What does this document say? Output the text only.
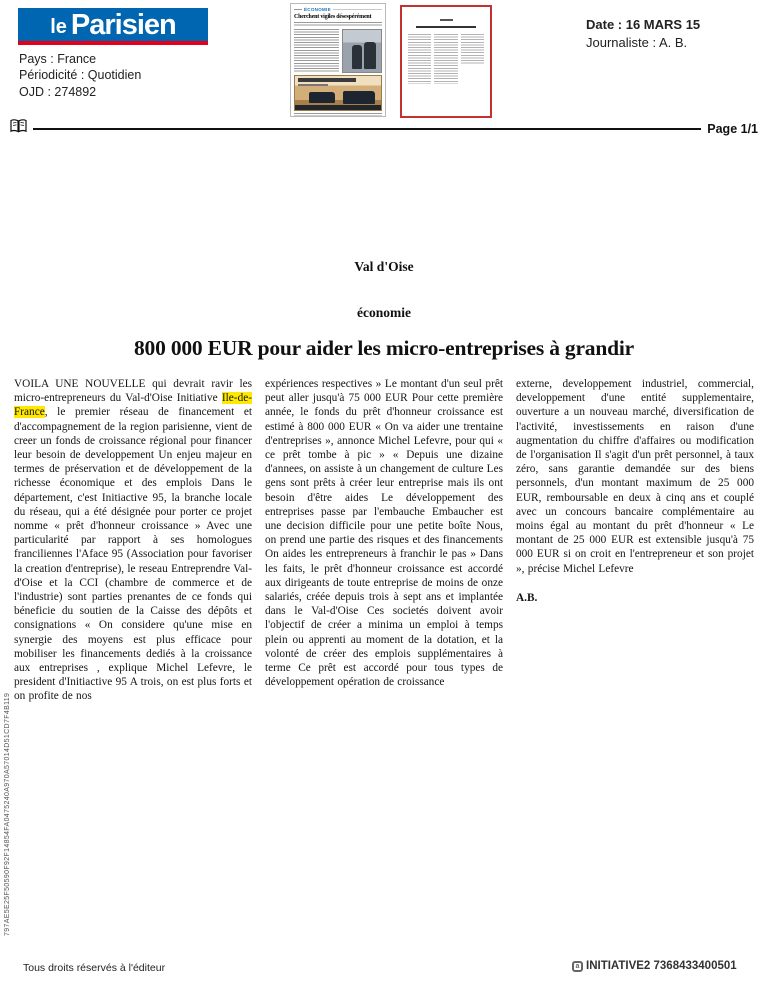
le Parisien
Pays : France
Périodicité : Quotidien
OJD : 274892
ÉCONOMIE
Cherchent vigiles désespérément	Date : 16 MARS 15
Journaliste : A. B.
Page 1/1
Val d'Oise
économie
800 000 EUR pour aider les micro-entreprises à grandir
VOILA UNE NOUVELLE qui devrait ravir les micro-entrepreneurs du Val-d'Oise Initiative Ile-de-France, le premier réseau de financement et d'accompagnement de la region parisienne, vient de creer un fonds de croissance régional pour financer leur besoin de developpement Un enjeu majeur en termes de préservation et de développement de la richesse économique et des emplois Dans le département, c'est Initiactive 95, la branche locale du réseau, qui a été désignée pour porter ce projet nomme « prêt d'honneur croissance » Avec une particularité par rapport à ses homologues franciliennes l'Aface 95 (Association pour favoriser la creation d'entreprise), le reseau Entreprendre Val-d'Oise et la CCI (chambre de commerce et de l'industrie) sont parties prenantes de ce fonds qui béneficie du soutien de la Caisse des dépôts et consignations « On considere qu'une mise en synergie des moyens est plus efficace pour mobiliser les financements dediés à la croissance aux entreprises , explique Michel Lefevre, le president d'Initiactive 95 A trois, on est plus forts et on profite de nos
expériences respectives » Le montant d'un seul prêt peut aller jusqu'à 75 000 EUR Pour cette première année, le fonds du prêt d'honneur croissance est estimé à 800 000 EUR « On va aider une trentaine d'entreprises », annonce Michel Lefevre, pour qui « ce prêt tombe à pic » « Depuis une dizaine d'annees, on assiste à un changement de culture Les gens sont prêts à créer leur entreprise mais ils ont besoin d'être aides Le développement des entreprises passe par l'embauche Embaucher est une decision difficile pour une petite boîte Nous, on prend une partie des risques et des financements On aides les entrepreneurs à franchir le pas » Dans les faits, le prêt d'honneur croissance est accordé aux dirigeants de toute entreprise de moins de onze salariés, créée depuis trois à sept ans et implantée dans le Val-d'Oise Ces societés doivent avoir l'objectif de créer a minima un emploi à temps plein ou apprenti au moment de la dotation, et la volonté de créer des emplois supplémentaires à terme Ce prêt est accordé pour tous types de développement opération de croissance
externe, developpement industriel, commercial, developpement d'une entité supplementaire, ouverture a un nouveau marché, diversification de l'activité, investissements en raison d'une augmentation du chiffre d'affaires ou modification de l'organisation Il s'agit d'un prêt personnel, à taux zéro, sans garantie demandée sur des biens personnels, d'un montant maximum de 25 000 EUR, remboursable en deux à cinq ans et couplé avec un concours bancaire complémentaire au moins égal au montant du prêt d'honneur « Le montant de 25 000 EUR est extensible jusqu'à 75 000 EUR si on croit en l'entrepreneur et son projet », précise Michel Lefevre
A.B.
797AE5E25F50590F92F14854FA0475240A970A57014D51CD7F4B119
Tous droits réservés à l'éditeur	a INITIATIVE2 7368433400501
